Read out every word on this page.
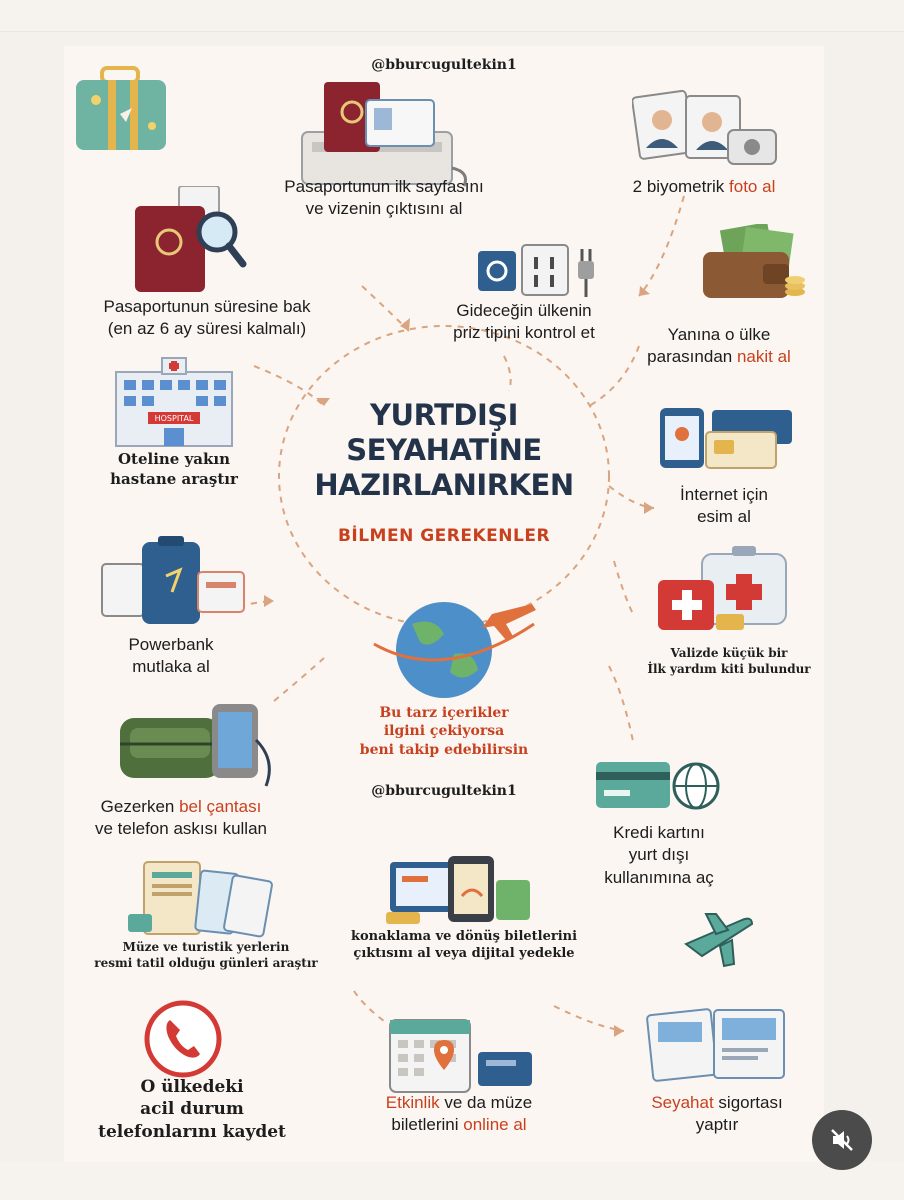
@bburcugultekin1
Pasaportunun ilk sayfasını
ve vizenin çıktısını al
2 biyometrik foto al
Pasaportunun süresine bak
(en az 6 ay süresi kalmalı)
Gideceğin ülkenin
priz tipini kontrol et	Yanına o ülke
parasından nakit al
HOSPITAL
Oteline yakın
hastane araştır
YURTDIŞI
SEYAHATİNE
HAZIRLANIRKEN
BİLMEN GEREKENLER
İnternet için
esim al
Powerbank
mutlaka al
Valizde küçük bir
İlk yardım kiti bulundur
Bu tarz içerikler
ilgini çekiyorsa
beni takip edebilirsin
@bburcugultekin1
Gezerken bel çantası
ve telefon askısı kullan	Kredi kartını
yurt dışı
kullanımına aç
Müze ve turistik yerlerin
resmi tatil olduğu günleri araştır
konaklama ve dönüş biletlerini
çıktısını al veya dijital yedekle
O ülkedeki
acil durum
telefonlarını kaydet
Etkinlik ve da müze
biletlerini online al
Seyahat sigortası
yaptır
